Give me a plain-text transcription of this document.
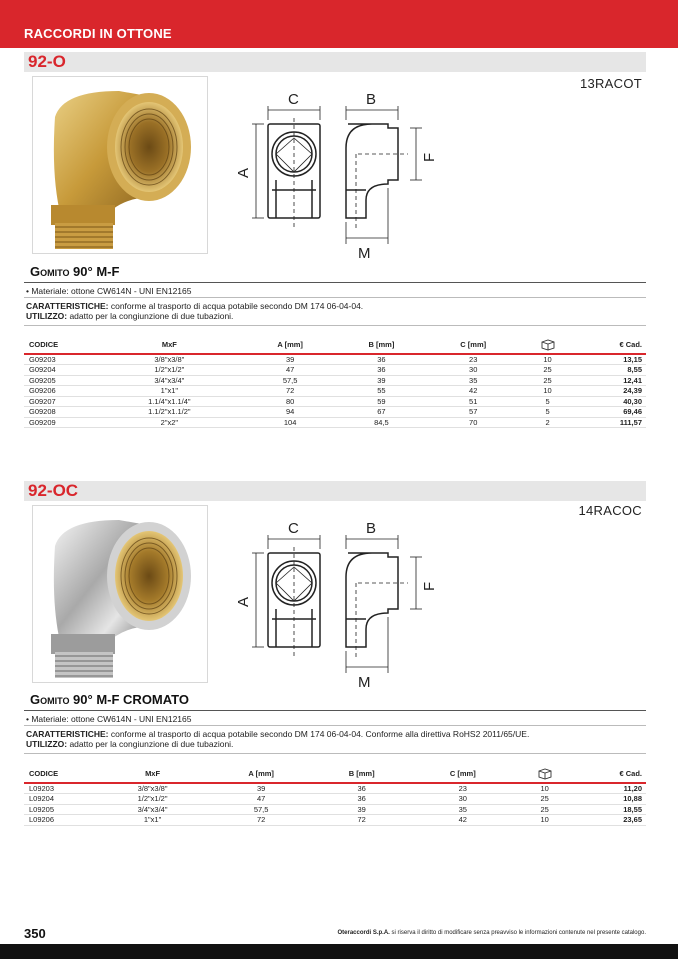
RACCORDI IN OTTONE
92-O
13RACOT
C	B
A
F
M
Gomito 90° M-F
• Materiale: ottone CW614N - UNI EN12165
CARATTERISTICHE: conforme al trasporto di acqua potabile secondo DM 174 06-04-04.
UTILIZZO: adatto per la congiunzione di due tubazioni.
CODICE	MxF	A [mm]	B [mm]	C [mm]		€ Cad.
G09203	3/8"x3/8"	39	36	23	10	13,15
G09204	1/2"x1/2"	47	36	30	25	8,55
G09205	3/4"x3/4"	57,5	39	35	25	12,41
G09206	1"x1"	72	55	42	10	24,39
G09207	1.1/4"x1.1/4"	80	59	51	5	40,30
G09208	1.1/2"x1.1/2"	94	67	57	5	69,46
G09209	2"x2"	104	84,5	70	2	111,57
92-OC
14RACOC
C	B
A
F
M
Gomito 90° M-F CROMATO
• Materiale: ottone CW614N - UNI EN12165
CARATTERISTICHE: conforme al trasporto di acqua potabile secondo DM 174 06-04-04. Conforme alla direttiva RoHS2 2011/65/UE.
UTILIZZO: adatto per la congiunzione di due tubazioni.
CODICE	MxF	A [mm]	B [mm]	C [mm]		€ Cad.
L09203	3/8"x3/8"	39	36	23	10	11,20
L09204	1/2"x1/2"	47	36	30	25	10,88
L09205	3/4"x3/4"	57,5	39	35	25	18,55
L09206	1"x1"	72	72	42	10	23,65
350	Oteraccordi S.p.A. si riserva il diritto di modificare senza preavviso le informazioni contenute nel presente catalogo.
